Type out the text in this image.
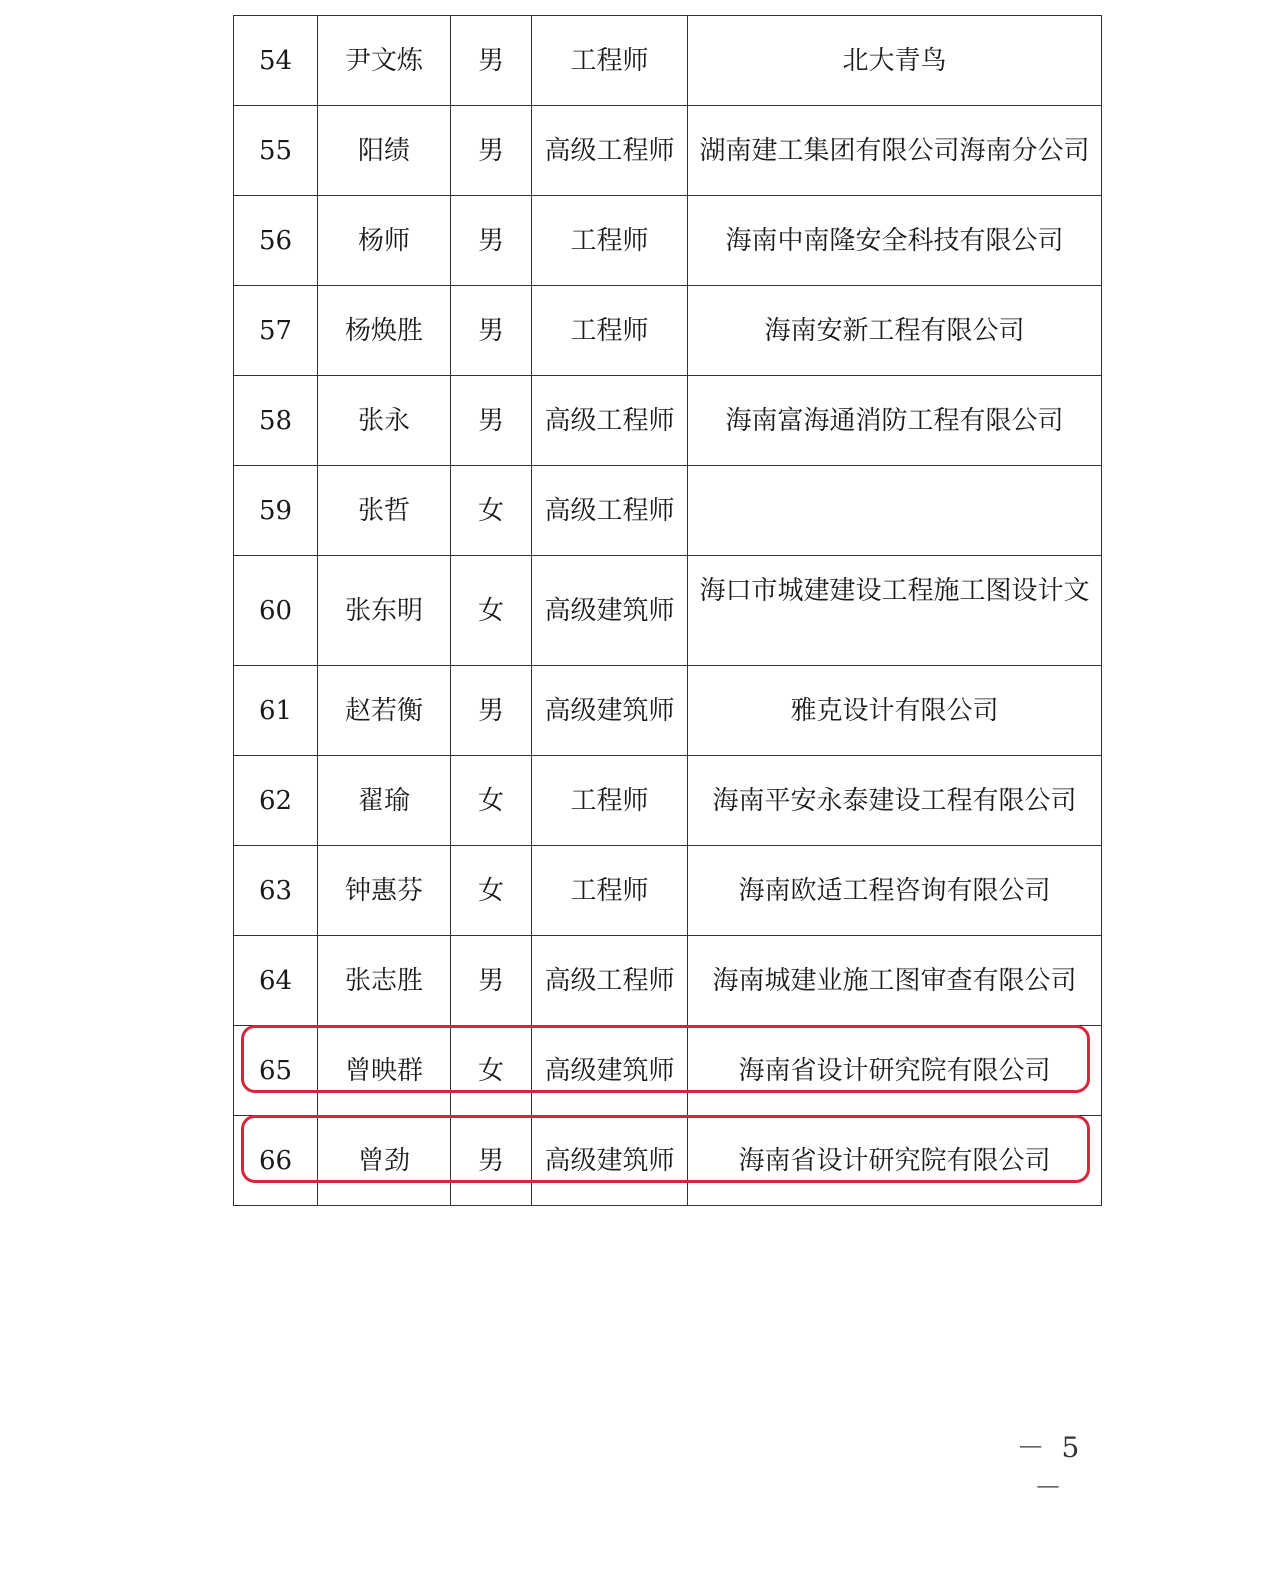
54	尹文炼	男	工程师	北大青鸟
55	阳绩	男	高级工程师	湖南建工集团有限公司海南分公司
56	杨师	男	工程师	海南中南隆安全科技有限公司
57	杨焕胜	男	工程师	海南安新工程有限公司
58	张永	男	高级工程师	海南富海通消防工程有限公司
59	张哲	女	高级工程师	
60	张东明	女	高级建筑师	海口市城建建设工程施工图设计文
61	赵若衡	男	高级建筑师	雅克设计有限公司
62	翟瑜	女	工程师	海南平安永泰建设工程有限公司
63	钟惠芬	女	工程师	海南欧适工程咨询有限公司
64	张志胜	男	高级工程师	海南城建业施工图审查有限公司
65	曾映群	女	高级建筑师	海南省设计研究院有限公司
66	曾劲	男	高级建筑师	海南省设计研究院有限公司
－ 5 －
